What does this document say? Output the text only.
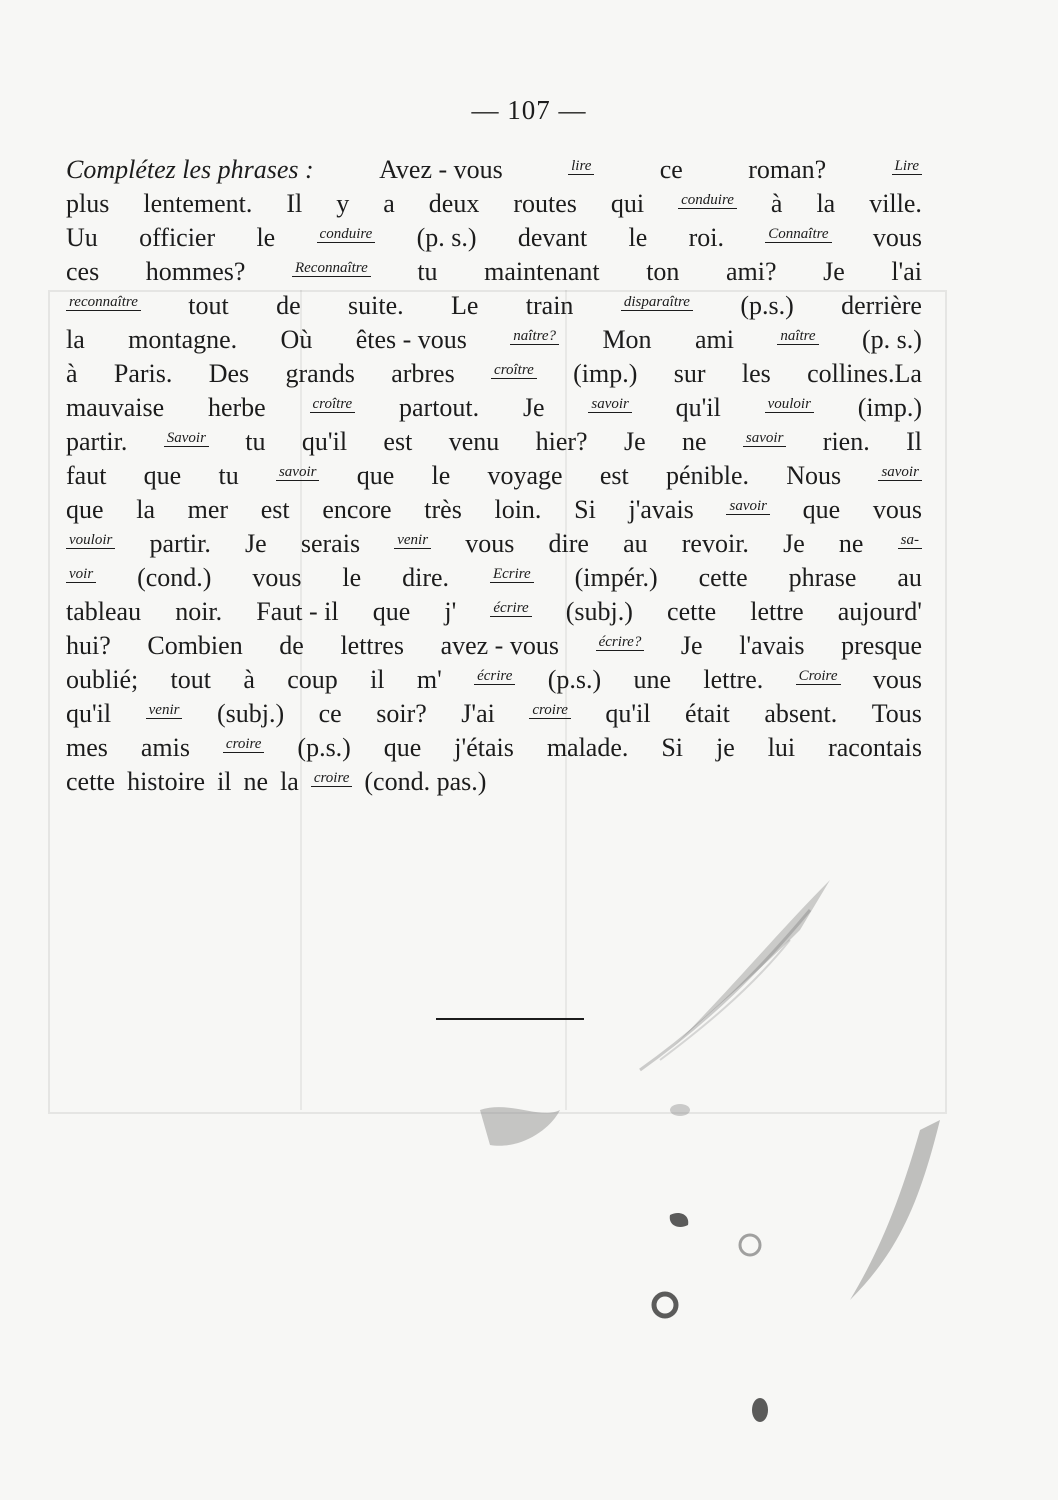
— 107 —
Complétez les phrases :	Avez - vous	lire	ce	roman?	Lire
plus lentement. Il y a deux routes qui conduire à la ville.
Uu officier le	conduire (p. s.) devant le roi.	Connaître vous
ces hommes?	Reconnaître tu maintenant ton ami? Je l'ai
reconnaître tout de suite. Le train	disparaître (p.s.) derrière
la montagne. Où êtes - vous	naître? Mon ami	naître (p. s.)
à Paris. Des grands arbres	croître (imp.) sur les collines.La
mauvaise herbe	croître partout. Je	savoir qu'il	vouloir (imp.)
partir.	Savoir tu qu'il est venu hier? Je ne	savoir rien. Il
faut que tu	savoir que le voyage est pénible. Nous	savoir
que la mer est encore très loin. Si j'avais savoir que vous
vouloir partir. Je serais venir vous dire au revoir. Je ne sa-
voir (cond.) vous le dire.	Ecrire (impér.) cette phrase au
tableau noir. Faut - il que j' écrire (subj.) cette lettre aujourd'
hui? Combien de lettres avez - vous	écrire? Je l'avais presque
oublié; tout à coup il m' écrire (p.s.) une lettre. Croire vous
qu'il	venir (subj.) ce soir? J'ai	croire qu'il était absent. Tous
mes amis croire (p.s.) que j'étais malade. Si je lui racontais
cette histoire il ne la croire (cond. pas.)
